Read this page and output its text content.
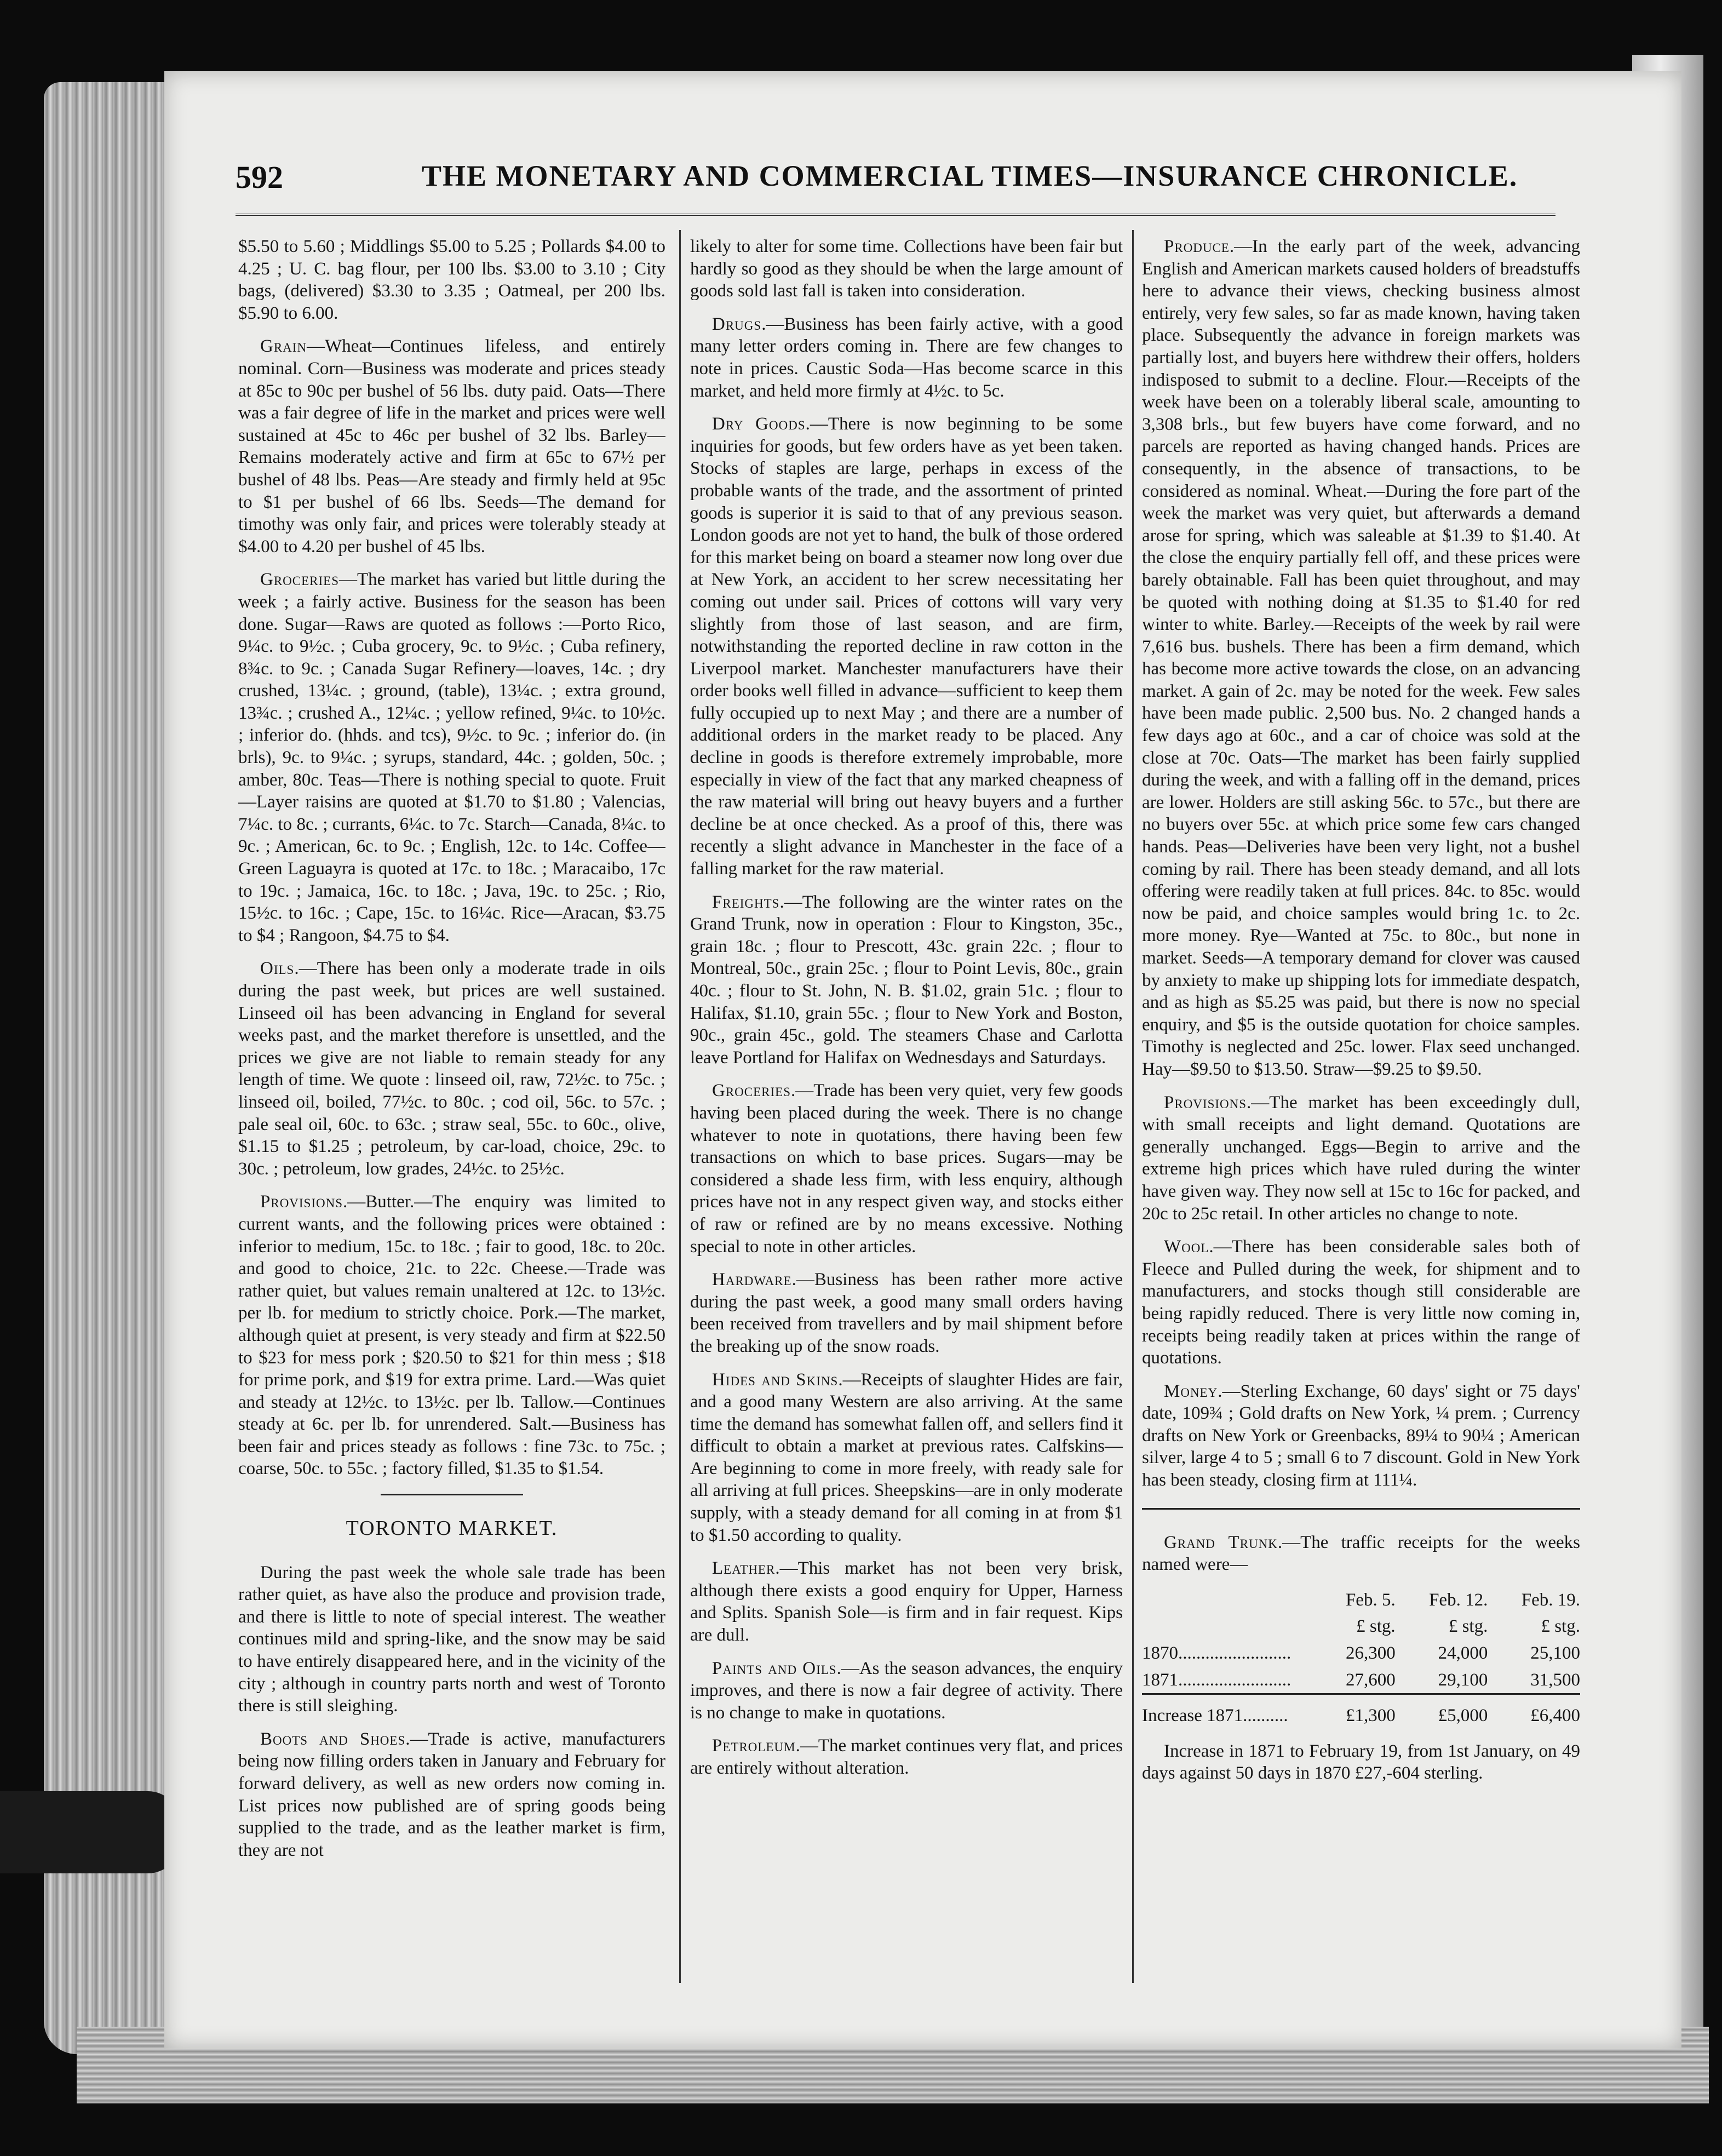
592	THE MONETARY AND COMMERCIAL TIMES—INSURANCE CHRONICLE.

$5.50 to 5.60 ; Middlings $5.00 to 5.25 ; Pollards $4.00 to 4.25 ; U. C. bag flour, per 100 lbs. $3.00 to 3.10 ; City bags, (delivered) $3.30 to 3.35 ; Oatmeal, per 200 lbs. $5.90 to 6.00.

Grain—Wheat—Continues lifeless, and entirely nominal. Corn—Business was moderate and prices steady at 85c to 90c per bushel of 56 lbs. duty paid. Oats—There was a fair degree of life in the market and prices were well sustained at 45c to 46c per bushel of 32 lbs. Barley—Remains moderately active and firm at 65c to 67½ per bushel of 48 lbs. Peas—Are steady and firmly held at 95c to $1 per bushel of 66 lbs. Seeds—The demand for timothy was only fair, and prices were tolerably steady at $4.00 to 4.20 per bushel of 45 lbs.

Groceries—The market has varied but little during the week ; a fairly active. Business for the season has been done. Sugar—Raws are quoted as follows :—Porto Rico, 9¼c. to 9½c. ; Cuba grocery, 9c. to 9½c. ; Cuba refinery, 8¾c. to 9c. ; Canada Sugar Refinery—loaves, 14c. ; dry crushed, 13¼c. ; ground, (table), 13¼c. ; extra ground, 13¾c. ; crushed A., 12¼c. ; yellow refined, 9¼c. to 10½c. ; inferior do. (hhds. and tcs), 9½c. to 9c. ; inferior do. (in brls), 9c. to 9¼c. ; syrups, standard, 44c. ; golden, 50c. ; amber, 80c. Teas—There is nothing special to quote. Fruit—Layer raisins are quoted at $1.70 to $1.80 ; Valencias, 7¼c. to 8c. ; currants, 6¼c. to 7c. Starch—Canada, 8¼c. to 9c. ; American, 6c. to 9c. ; English, 12c. to 14c. Coffee—Green Laguayra is quoted at 17c. to 18c. ; Maracaibo, 17c to 19c. ; Jamaica, 16c. to 18c. ; Java, 19c. to 25c. ; Rio, 15½c. to 16c. ; Cape, 15c. to 16¼c. Rice—Aracan, $3.75 to $4 ; Rangoon, $4.75 to $4.

Oils.—There has been only a moderate trade in oils during the past week, but prices are well sustained. Linseed oil has been advancing in England for several weeks past, and the market therefore is unsettled, and the prices we give are not liable to remain steady for any length of time. We quote : linseed oil, raw, 72½c. to 75c. ; linseed oil, boiled, 77½c. to 80c. ; cod oil, 56c. to 57c. ; pale seal oil, 60c. to 63c. ; straw seal, 55c. to 60c., olive, $1.15 to $1.25 ; petroleum, by car-load, choice, 29c. to 30c. ; petroleum, low grades, 24½c. to 25½c.

Provisions.—Butter.—The enquiry was limited to current wants, and the following prices were obtained : inferior to medium, 15c. to 18c. ; fair to good, 18c. to 20c. and good to choice, 21c. to 22c. Cheese.—Trade was rather quiet, but values remain unaltered at 12c. to 13½c. per lb. for medium to strictly choice. Pork.—The market, although quiet at present, is very steady and firm at $22.50 to $23 for mess pork ; $20.50 to $21 for thin mess ; $18 for prime pork, and $19 for extra prime. Lard.—Was quiet and steady at 12½c. to 13½c. per lb. Tallow.—Continues steady at 6c. per lb. for unrendered. Salt.—Business has been fair and prices steady as follows : fine 73c. to 75c. ; coarse, 50c. to 55c. ; factory filled, $1.35 to $1.54.

TORONTO MARKET.

During the past week the whole sale trade has been rather quiet, as have also the produce and provision trade, and there is little to note of special interest. The weather continues mild and spring-like, and the snow may be said to have entirely disappeared here, and in the vicinity of the city ; although in country parts north and west of Toronto there is still sleighing.

Boots and Shoes.—Trade is active, manufacturers being now filling orders taken in January and February for forward delivery, as well as new orders now coming in. List prices now published are of spring goods being supplied to the trade, and as the leather market is firm, they are not

likely to alter for some time. Collections have been fair but hardly so good as they should be when the large amount of goods sold last fall is taken into consideration.

Drugs.—Business has been fairly active, with a good many letter orders coming in. There are few changes to note in prices. Caustic Soda—Has become scarce in this market, and held more firmly at 4½c. to 5c.

Dry Goods.—There is now beginning to be some inquiries for goods, but few orders have as yet been taken. Stocks of staples are large, perhaps in excess of the probable wants of the trade, and the assortment of printed goods is superior it is said to that of any previous season. London goods are not yet to hand, the bulk of those ordered for this market being on board a steamer now long over due at New York, an accident to her screw necessitating her coming out under sail. Prices of cottons will vary very slightly from those of last season, and are firm, notwithstanding the reported decline in raw cotton in the Liverpool market. Manchester manufacturers have their order books well filled in advance—sufficient to keep them fully occupied up to next May ; and there are a number of additional orders in the market ready to be placed. Any decline in goods is therefore extremely improbable, more especially in view of the fact that any marked cheapness of the raw material will bring out heavy buyers and a further decline be at once checked. As a proof of this, there was recently a slight advance in Manchester in the face of a falling market for the raw material.

Freights.—The following are the winter rates on the Grand Trunk, now in operation : Flour to Kingston, 35c., grain 18c. ; flour to Prescott, 43c. grain 22c. ; flour to Montreal, 50c., grain 25c. ; flour to Point Levis, 80c., grain 40c. ; flour to St. John, N. B. $1.02, grain 51c. ; flour to Halifax, $1.10, grain 55c. ; flour to New York and Boston, 90c., grain 45c., gold. The steamers Chase and Carlotta leave Portland for Halifax on Wednesdays and Saturdays.

Groceries.—Trade has been very quiet, very few goods having been placed during the week. There is no change whatever to note in quotations, there having been few transactions on which to base prices. Sugars—may be considered a shade less firm, with less enquiry, although prices have not in any respect given way, and stocks either of raw or refined are by no means excessive. Nothing special to note in other articles.

Hardware.—Business has been rather more active during the past week, a good many small orders having been received from travellers and by mail shipment before the breaking up of the snow roads.

Hides and Skins.—Receipts of slaughter Hides are fair, and a good many Western are also arriving. At the same time the demand has somewhat fallen off, and sellers find it difficult to obtain a market at previous rates. Calfskins—Are beginning to come in more freely, with ready sale for all arriving at full prices. Sheepskins—are in only moderate supply, with a steady demand for all coming in at from $1 to $1.50 according to quality.

Leather.—This market has not been very brisk, although there exists a good enquiry for Upper, Harness and Splits. Spanish Sole—is firm and in fair request. Kips are dull.

Paints and Oils.—As the season advances, the enquiry improves, and there is now a fair degree of activity. There is no change to make in quotations.

Petroleum.—The market continues very flat, and prices are entirely without alteration.

Produce.—In the early part of the week, advancing English and American markets caused holders of breadstuffs here to advance their views, checking business almost entirely, very few sales, so far as made known, having taken place. Subsequently the advance in foreign markets was partially lost, and buyers here withdrew their offers, holders indisposed to submit to a decline. Flour.—Receipts of the week have been on a tolerably liberal scale, amounting to 3,308 brls., but few buyers have come forward, and no parcels are reported as having changed hands. Prices are consequently, in the absence of transactions, to be considered as nominal. Wheat.—During the fore part of the week the market was very quiet, but afterwards a demand arose for spring, which was saleable at $1.39 to $1.40. At the close the enquiry partially fell off, and these prices were barely obtainable. Fall has been quiet throughout, and may be quoted with nothing doing at $1.35 to $1.40 for red winter to white. Barley.—Receipts of the week by rail were 7,616 bus. bushels. There has been a firm demand, which has become more active towards the close, on an advancing market. A gain of 2c. may be noted for the week. Few sales have been made public. 2,500 bus. No. 2 changed hands a few days ago at 60c., and a car of choice was sold at the close at 70c. Oats—The market has been fairly supplied during the week, and with a falling off in the demand, prices are lower. Holders are still asking 56c. to 57c., but there are no buyers over 55c. at which price some few cars changed hands. Peas—Deliveries have been very light, not a bushel coming by rail. There has been steady demand, and all lots offering were readily taken at full prices. 84c. to 85c. would now be paid, and choice samples would bring 1c. to 2c. more money. Rye—Wanted at 75c. to 80c., but none in market. Seeds—A temporary demand for clover was caused by anxiety to make up shipping lots for immediate despatch, and as high as $5.25 was paid, but there is now no special enquiry, and $5 is the outside quotation for choice samples. Timothy is neglected and 25c. lower. Flax seed unchanged. Hay—$9.50 to $13.50. Straw—$9.25 to $9.50.

Provisions.—The market has been exceedingly dull, with small receipts and light demand. Quotations are generally unchanged. Eggs—Begin to arrive and the extreme high prices which have ruled during the winter have given way. They now sell at 15c to 16c for packed, and 20c to 25c retail. In other articles no change to note.

Wool.—There has been considerable sales both of Fleece and Pulled during the week, for shipment and to manufacturers, and stocks though still considerable are being rapidly reduced. There is very little now coming in, receipts being readily taken at prices within the range of quotations.

Money.—Sterling Exchange, 60 days' sight or 75 days' date, 109¾ ; Gold drafts on New York, ¼ prem. ; Currency drafts on New York or Greenbacks, 89¼ to 90¼ ; American silver, large 4 to 5 ; small 6 to 7 discount. Gold in New York has been steady, closing firm at 111¼.

Grand Trunk.—The traffic receipts for the weeks named were—

	Feb. 5.	Feb. 12.	Feb. 19.
	£ stg.	£ stg.	£ stg.
1870.........................	26,300	24,000	25,100
1871.........................	27,600	29,100	31,500
Increase 1871..........	£1,300	£5,000	£6,400

Increase in 1871 to February 19, from 1st January, on 49 days against 50 days in 1870 £27,-604 sterling.
